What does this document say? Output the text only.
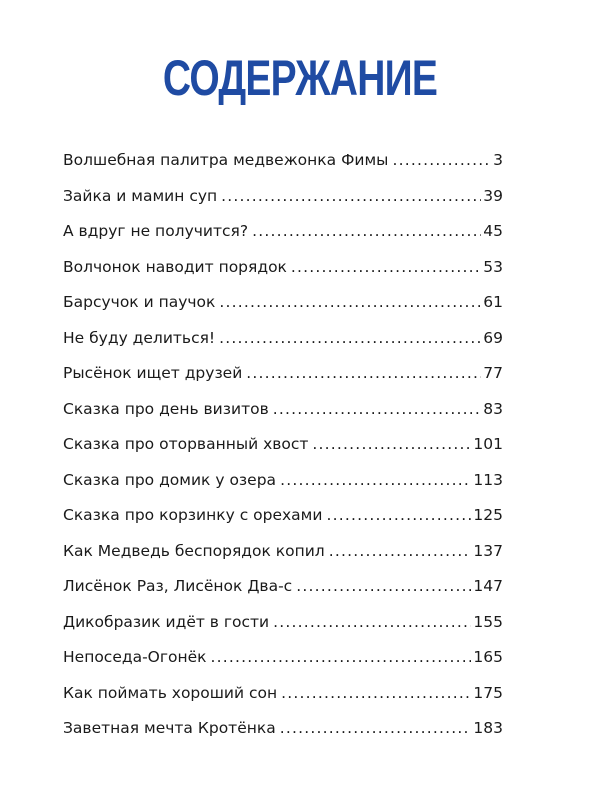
СОДЕРЖАНИЕ
Волшебная палитра медвежонка Фимы .....	3
Зайка и мамин суп .....	39
А вдруг не получится? .....	45
Волчонок наводит порядок .....	53
Барсучок и паучок .....	61
Не буду делиться! .....	69
Рысёнок ищет друзей .....	77
Сказка про день визитов .....	83
Сказка про оторванный хвост .....	101
Сказка про домик у озера .....	113
Сказка про корзинку с орехами .....	125
Как Медведь беспорядок копил .....	137
Лисёнок Раз, Лисёнок Два-с .....	147
Дикобразик идёт в гости .....	155
Непоседа-Огонёк .....	165
Как поймать хороший сон .....	175
Заветная мечта Кротёнка .....	183
